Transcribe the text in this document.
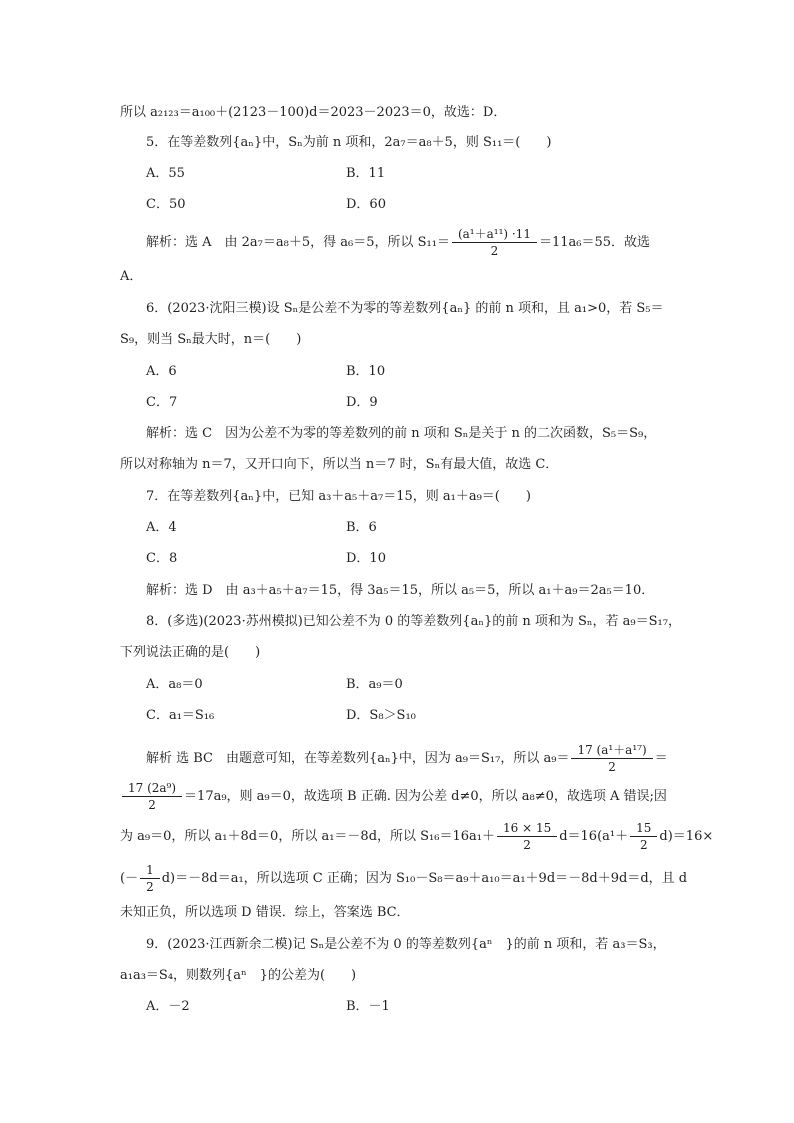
所以 a₂₁₂₃＝a₁₀₀＋(2123－100)d＝2023－2023＝0，故选：D．
5．在等差数列{aₙ}中，Sₙ为前 n 项和，2a₇＝a₈＋5，则 S₁₁＝(　　)
A．55	B．11
C．50	D．60
解析：选 A　由 2a₇＝a₈＋5，得 a₆＝5，所以 $S_{11}= \frac{\text{(a¹＋a¹¹) ·11}}{2} =11a_6=55$．故选
A．
6．(2023·沈阳三模)设 Sₙ是公差不为零的等差数列{aₙ} 的前 n 项和，且 a₁>0，若 S₅＝
S₉，则当 Sₙ最大时，n＝(　　)
A．6	B．10
C．7	D．9
解析：选 C　因为公差不为零的等差数列的前 n 项和 Sₙ是关于 n 的二次函数，S₅＝S₉，
所以对称轴为 n＝7，又开口向下，所以当 n＝7 时，Sₙ有最大值，故选 C．
7．在等差数列{aₙ}中，已知 a₃＋a₅＋a₇＝15，则 a₁＋a₉＝(　　)
A．4	B．6
C．8	D．10
解析：选 D　由 a₃＋a₅＋a₇＝15，得 3a₅＝15，所以 a₅＝5，所以 a₁＋a₉＝2a₅＝10．
8．(多选)(2023·苏州模拟)已知公差不为 0 的等差数列{aₙ}的前 n 项和为 Sₙ，若 a₉＝S₁₇，
下列说法正确的是(　　)
A．a₈＝0	B．a₉＝0
C．a₁＝S₁₆	D．S₈＞S₁₀
解析 选 BC　由题意可知，在等差数列{aₙ}中，因为 a₉＝S₁₇，所以 $a_9= \frac{\text{17 (a¹＋a¹⁷)}}{2}$ ＝
$\frac{\text{17 (2a⁹)}}{2} =17a_9$，则 a₉＝0，故选项 B 正确. 因为公差 d≠0，所以 a₈≠0，故选项 A 错误;因
为 a₉＝0，所以 a₁＋8d＝0，所以 a₁＝－8d，所以 $S_{16}=16a_1+ \frac{16 \times 15}{2} d=16(a^1+ \frac{15}{2} d)=16\times$
(－ $\frac{1}{2} d)=-8d=a_1$，所以选项 C 正确；因为 S₁₀－S₈＝a₉＋a₁₀＝a₁＋9d＝－8d＋9d＝d，且 d
未知正负，所以选项 D 错误．综上，答案选 BC．
9．(2023·江西新余二模)记 Sₙ是公差不为 0 的等差数列{aⁿ　}的前 n 项和，若 a₃＝S₃，
a₁a₃＝S₄，则数列{aⁿ　}的公差为(　　)
A．－2	B．－1
